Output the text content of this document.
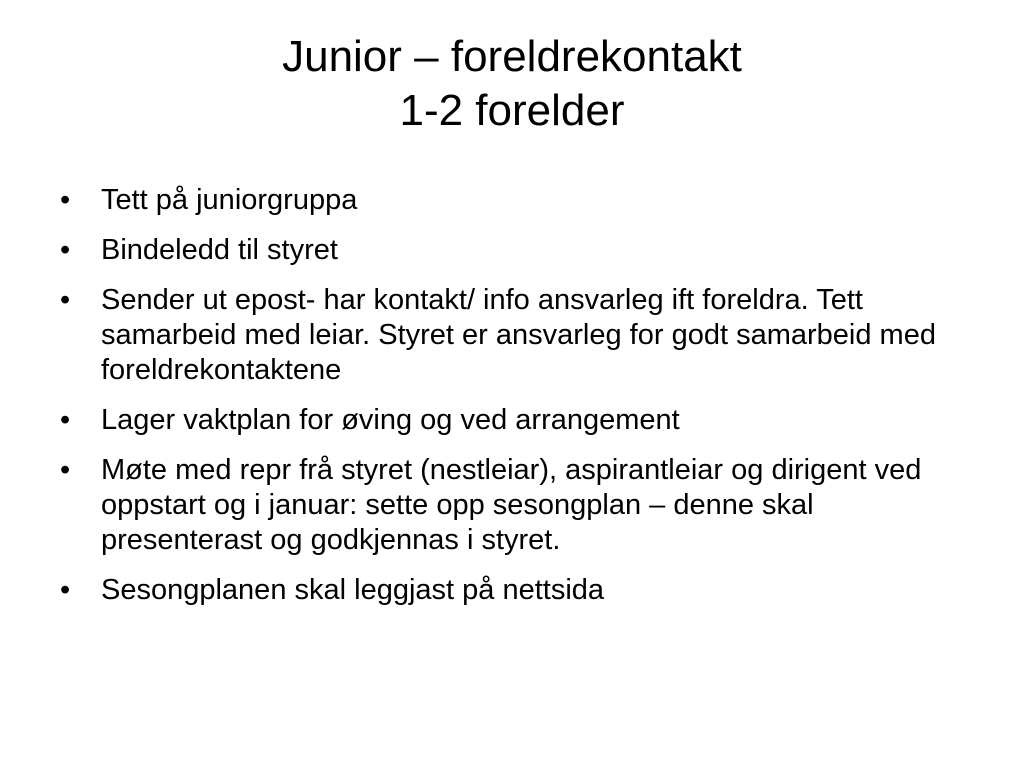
Junior – foreldrekontakt
1-2 forelder
• Tett på juniorgruppa
• Bindeledd til styret
• Sender ut epost- har kontakt/ info ansvarleg ift foreldra. Tett samarbeid med leiar. Styret er ansvarleg for godt samarbeid med foreldrekontaktene
• Lager vaktplan for øving og ved arrangement
• Møte med repr frå styret (nestleiar), aspirantleiar og dirigent ved oppstart og i januar: sette opp sesongplan – denne skal presenterast og godkjennas i styret.
• Sesongplanen skal leggjast på nettsida
